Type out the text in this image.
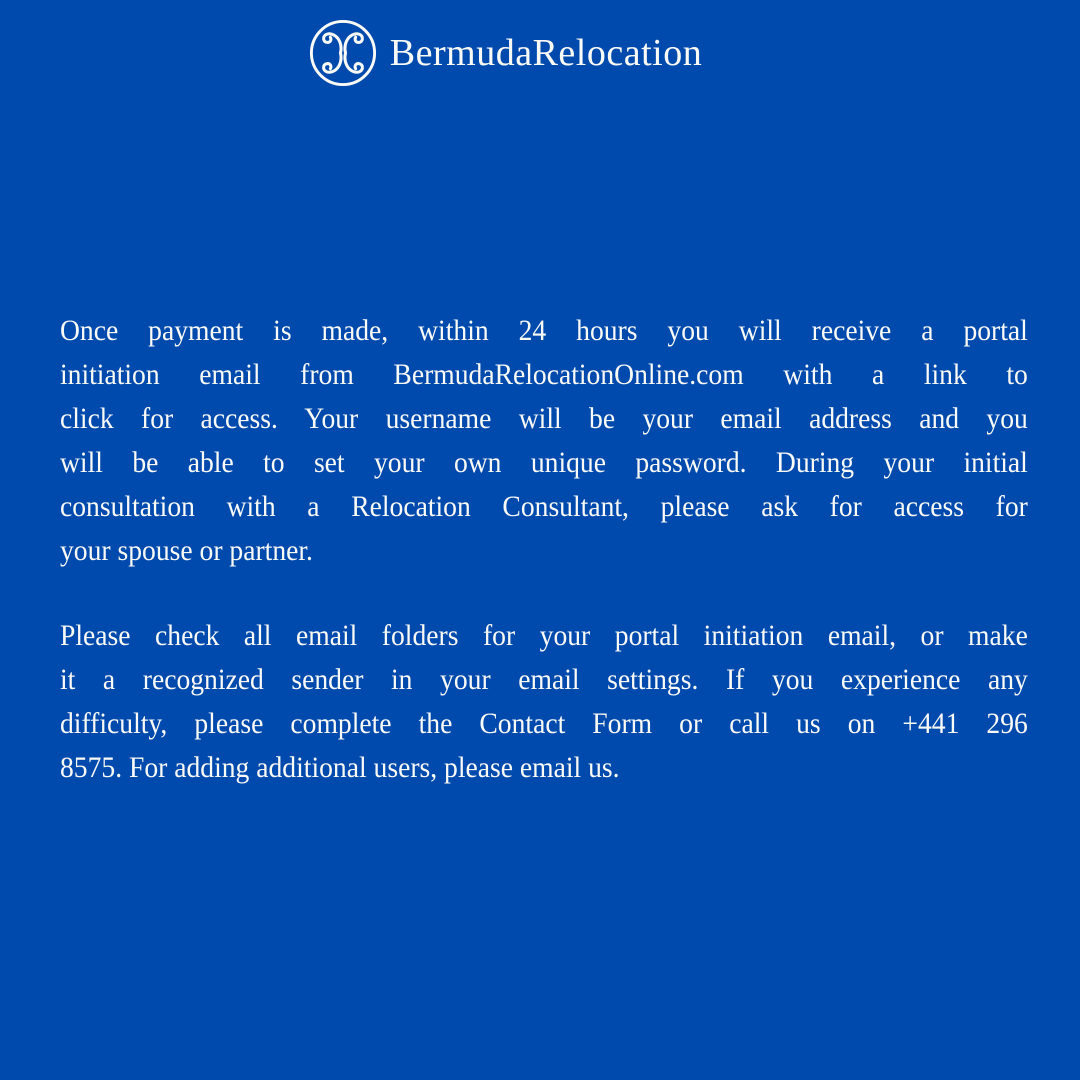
BermudaRelocation
Once payment is made, within 24 hours you will receive a portal
initiation email from BermudaRelocationOnline.com with a link to
click for access. Your username will be your email address and you
will be able to set your own unique password. During your initial
consultation with a Relocation Consultant, please ask for access for
your spouse or partner.
Please check all email folders for your portal initiation email, or make
it a recognized sender in your email settings. If you experience any
difficulty, please complete the Contact Form or call us on +441 296
8575. For adding additional users, please email us.
